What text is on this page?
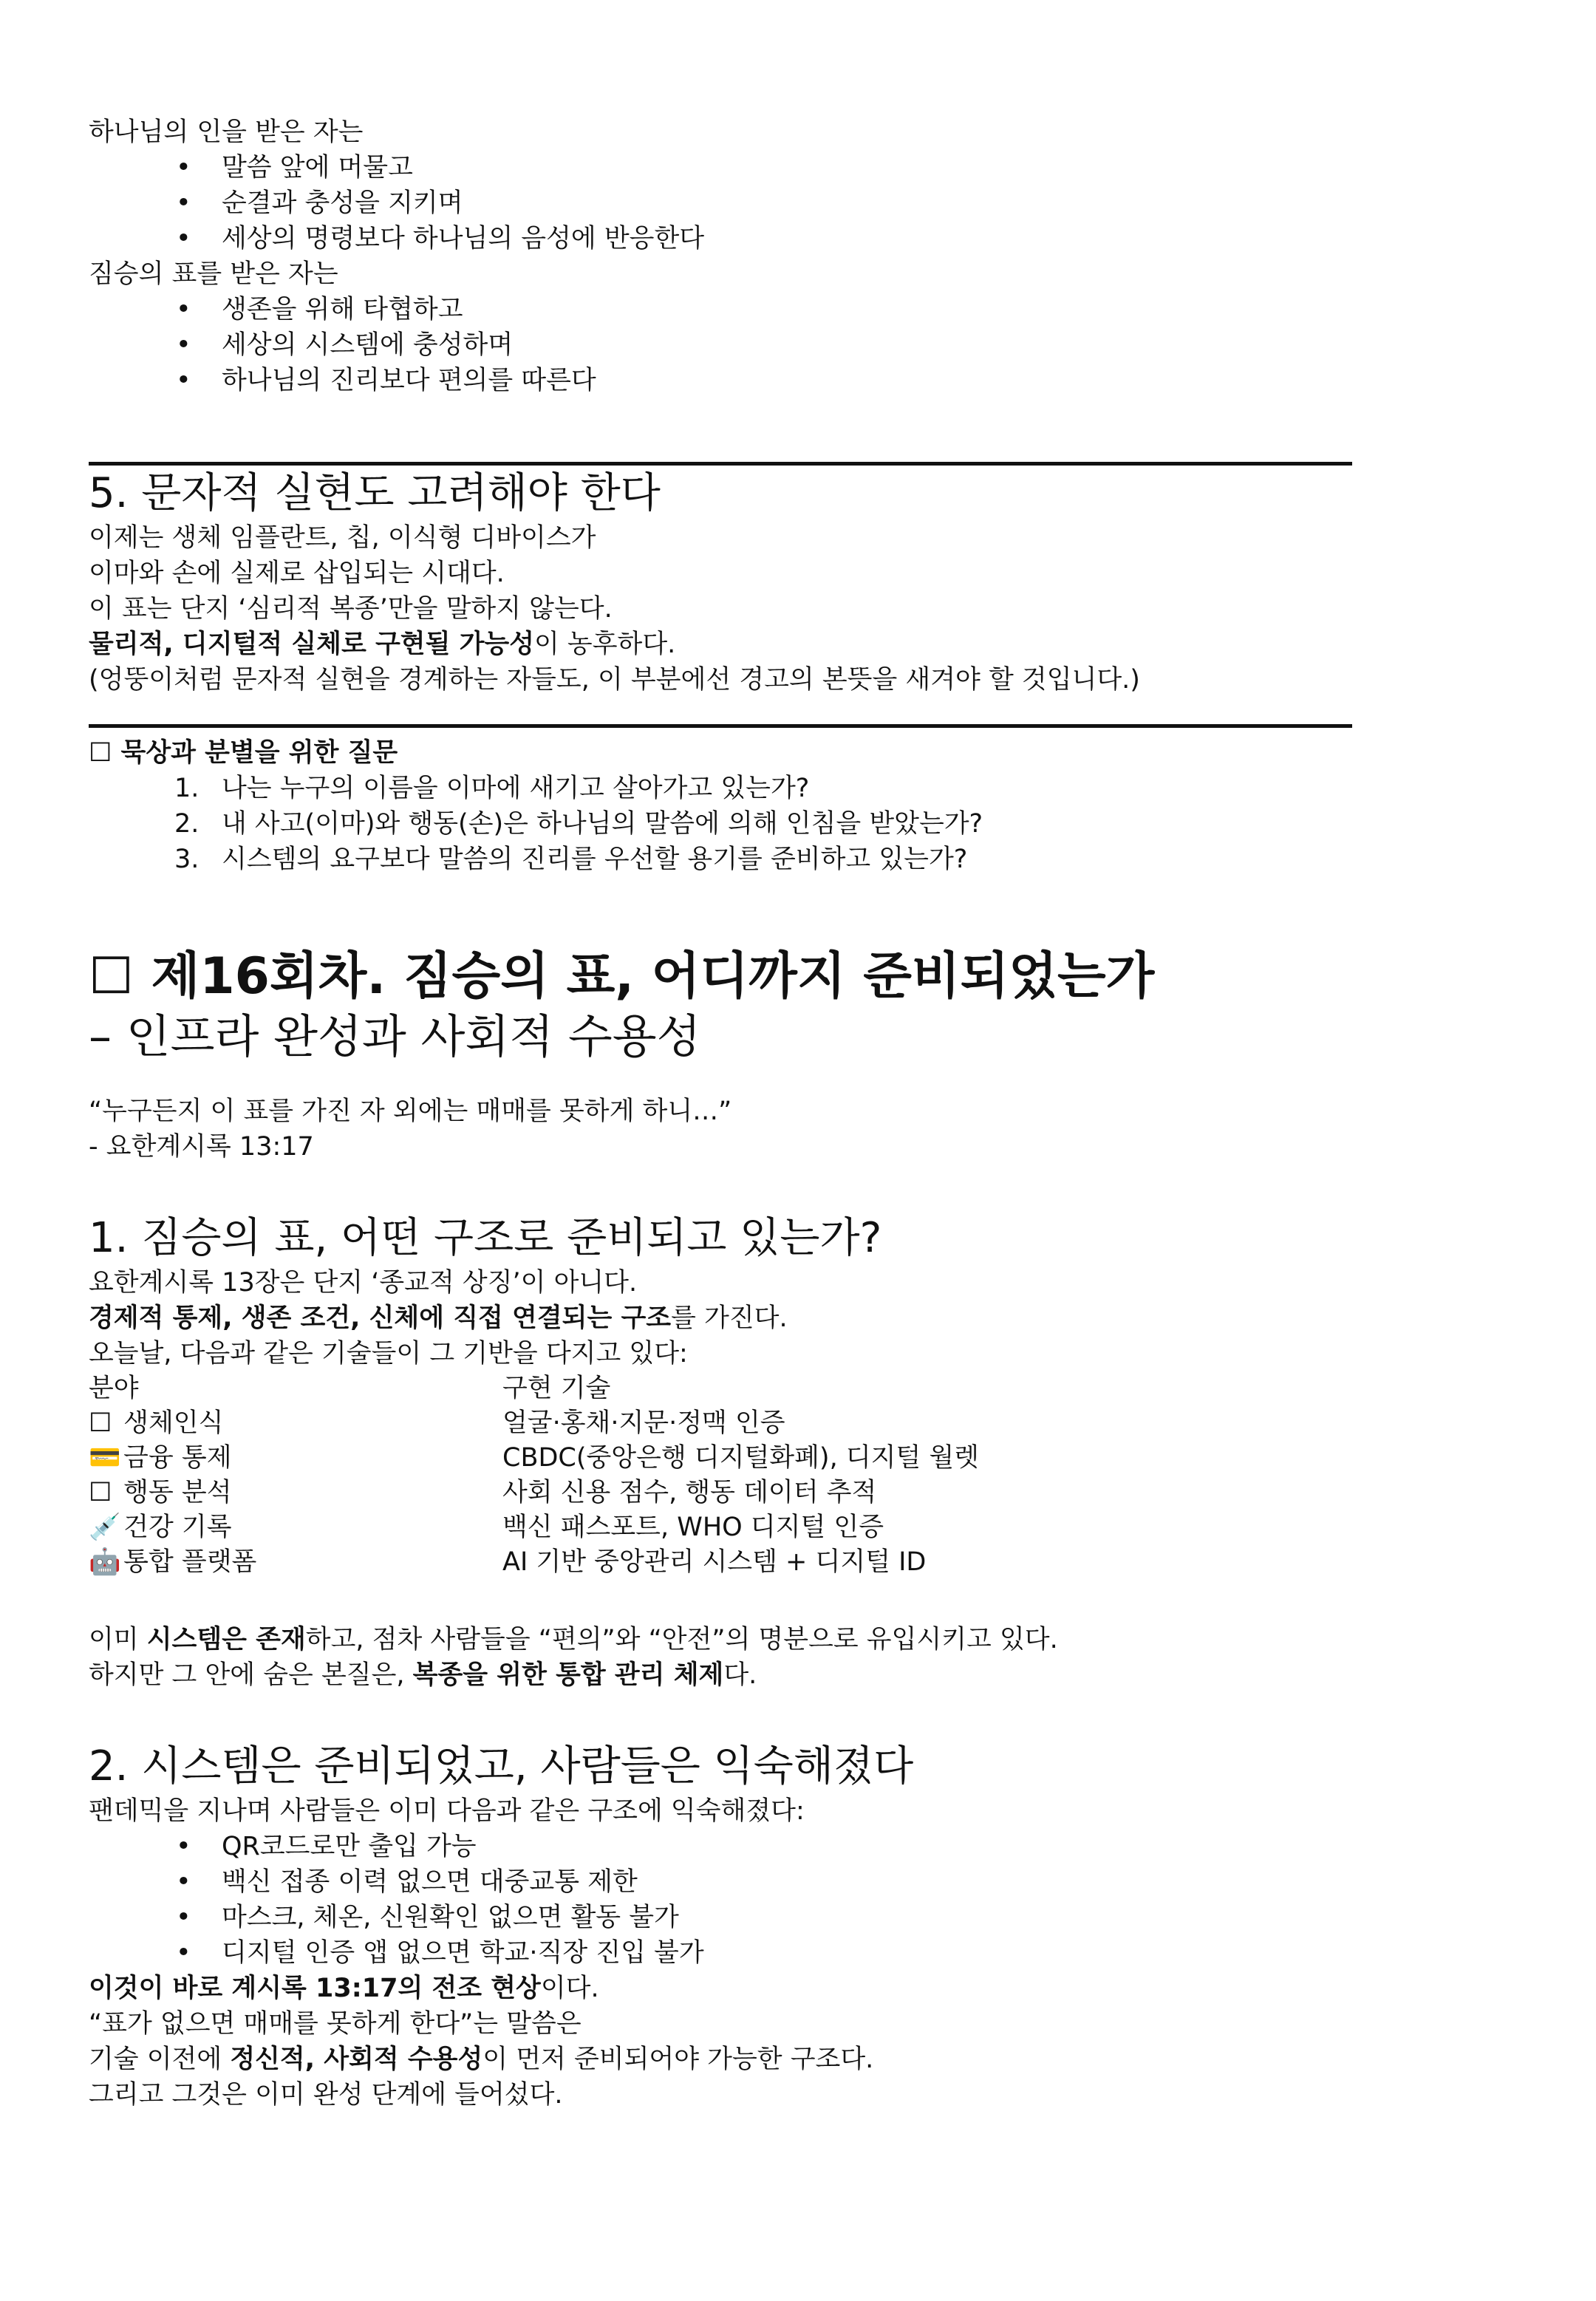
하나님의 인을 받은 자는
• 말씀 앞에 머물고
• 순결과 충성을 지키며
• 세상의 명령보다 하나님의 음성에 반응한다
짐승의 표를 받은 자는
• 생존을 위해 타협하고
• 세상의 시스템에 충성하며
• 하나님의 진리보다 편의를 따른다
5. 문자적 실현도 고려해야 한다
이제는 생체 임플란트, 칩, 이식형 디바이스가
이마와 손에 실제로 삽입되는 시대다.
이 표는 단지 ‘심리적 복종’만을 말하지 않는다.
물리적, 디지털적 실체로 구현될 가능성이 농후하다.
(엉뚱이처럼 문자적 실현을 경계하는 자들도, 이 부분에선 경고의 본뜻을 새겨야 할 것입니다.)
☐ 묵상과 분별을 위한 질문
1. 나는 누구의 이름을 이마에 새기고 살아가고 있는가?
2. 내 사고(이마)와 행동(손)은 하나님의 말씀에 의해 인침을 받았는가?
3. 시스템의 요구보다 말씀의 진리를 우선할 용기를 준비하고 있는가?
☐ 제16회차. 짐승의 표, 어디까지 준비되었는가
– 인프라 완성과 사회적 수용성
“누구든지 이 표를 가진 자 외에는 매매를 못하게 하니…”
- 요한계시록 13:17
1. 짐승의 표, 어떤 구조로 준비되고 있는가?
요한계시록 13장은 단지 ‘종교적 상징’이 아니다.
경제적 통제, 생존 조건, 신체에 직접 연결되는 구조를 가진다.
오늘날, 다음과 같은 기술들이 그 기반을 다지고 있다:
분야	구현 기술
☐ 생체인식	얼굴·홍채·지문·정맥 인증
💳 금융 통제	CBDC(중앙은행 디지털화폐), 디지털 월렛
☐ 행동 분석	사회 신용 점수, 행동 데이터 추적
💉 건강 기록	백신 패스포트, WHO 디지털 인증
🤖 통합 플랫폼	AI 기반 중앙관리 시스템 + 디지털 ID
이미 시스템은 존재하고, 점차 사람들을 “편의”와 “안전”의 명분으로 유입시키고 있다.
하지만 그 안에 숨은 본질은, 복종을 위한 통합 관리 체제다.
2. 시스템은 준비되었고, 사람들은 익숙해졌다
팬데믹을 지나며 사람들은 이미 다음과 같은 구조에 익숙해졌다:
• QR코드로만 출입 가능
• 백신 접종 이력 없으면 대중교통 제한
• 마스크, 체온, 신원확인 없으면 활동 불가
• 디지털 인증 앱 없으면 학교·직장 진입 불가
이것이 바로 계시록 13:17의 전조 현상이다.
“표가 없으면 매매를 못하게 한다”는 말씀은
기술 이전에 정신적, 사회적 수용성이 먼저 준비되어야 가능한 구조다.
그리고 그것은 이미 완성 단계에 들어섰다.
